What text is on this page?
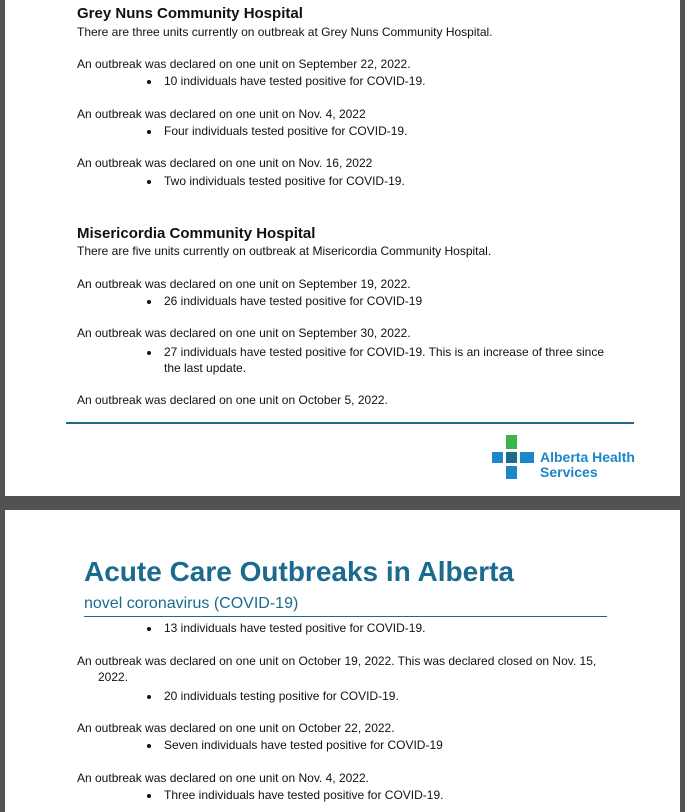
Grey Nuns Community Hospital
There are three units currently on outbreak at Grey Nuns Community Hospital.
An outbreak was declared on one unit on September 22, 2022.
10 individuals have tested positive for COVID-19.
An outbreak was declared on one unit on Nov. 4, 2022
Four individuals tested positive for COVID-19.
An outbreak was declared on one unit on Nov. 16, 2022
Two individuals tested positive for COVID-19.
Misericordia Community Hospital
There are five units currently on outbreak at Misericordia Community Hospital.
An outbreak was declared on one unit on September 19, 2022.
26 individuals have tested positive for COVID-19
An outbreak was declared on one unit on September 30, 2022.
27 individuals have tested positive for COVID-19. This is an increase of three since
the last update.
An outbreak was declared on one unit on October 5, 2022.
Alberta Health
Services
Acute Care Outbreaks in Alberta
novel coronavirus (COVID-19)
13 individuals have tested positive for COVID-19.
An outbreak was declared on one unit on October 19, 2022. This was declared closed on Nov. 15,
2022.
20 individuals testing positive for COVID-19.
An outbreak was declared on one unit on October 22, 2022.
Seven individuals have tested positive for COVID-19
An outbreak was declared on one unit on Nov. 4, 2022.
Three individuals have tested positive for COVID-19.
